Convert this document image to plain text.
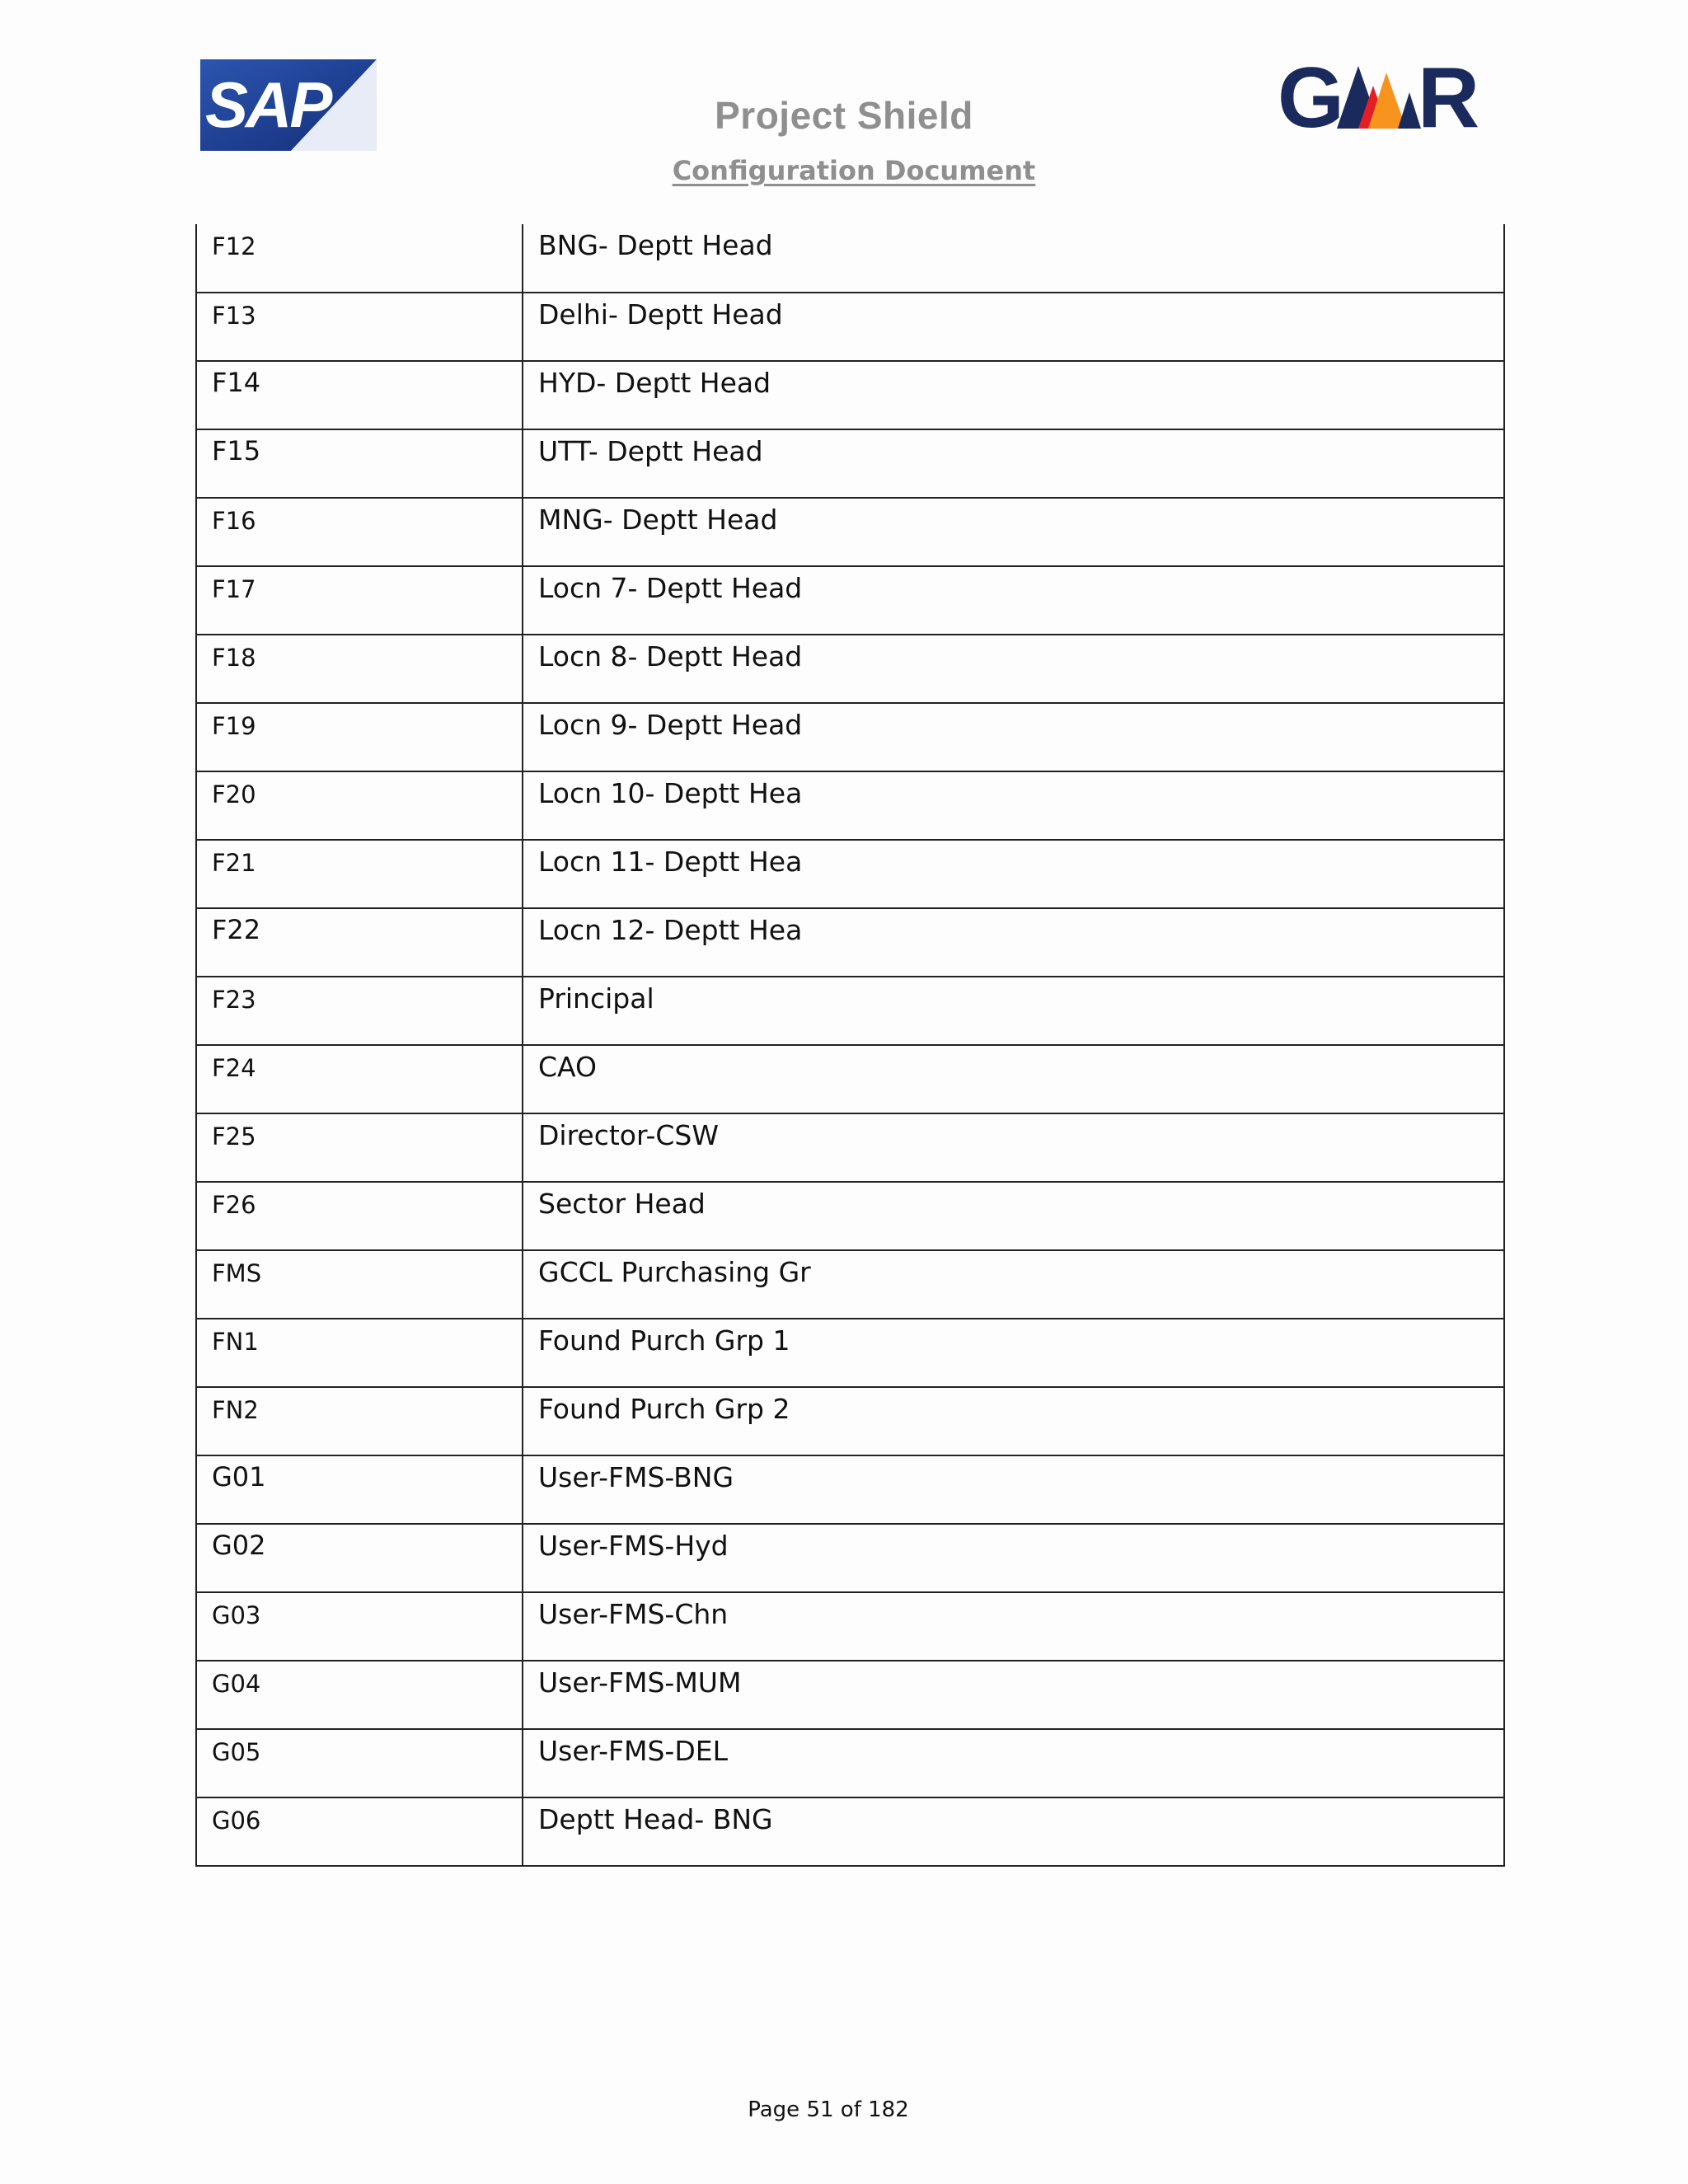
SAP	G R
Project Shield
Configuration Document
F12	BNG- Deptt Head
F13	Delhi- Deptt Head
F14	HYD- Deptt Head
F15	UTT- Deptt Head
F16	MNG- Deptt Head
F17	Locn 7- Deptt Head
F18	Locn 8- Deptt Head
F19	Locn 9- Deptt Head
F20	Locn 10- Deptt Hea
F21	Locn 11- Deptt Hea
F22	Locn 12- Deptt Hea
F23	Principal
F24	CAO
F25	Director-CSW
F26	Sector Head
FMS	GCCL Purchasing Gr
FN1	Found Purch Grp 1
FN2	Found Purch Grp 2
G01	User-FMS-BNG
G02	User-FMS-Hyd
G03	User-FMS-Chn
G04	User-FMS-MUM
G05	User-FMS-DEL
G06	Deptt Head- BNG
Page 51 of 182
